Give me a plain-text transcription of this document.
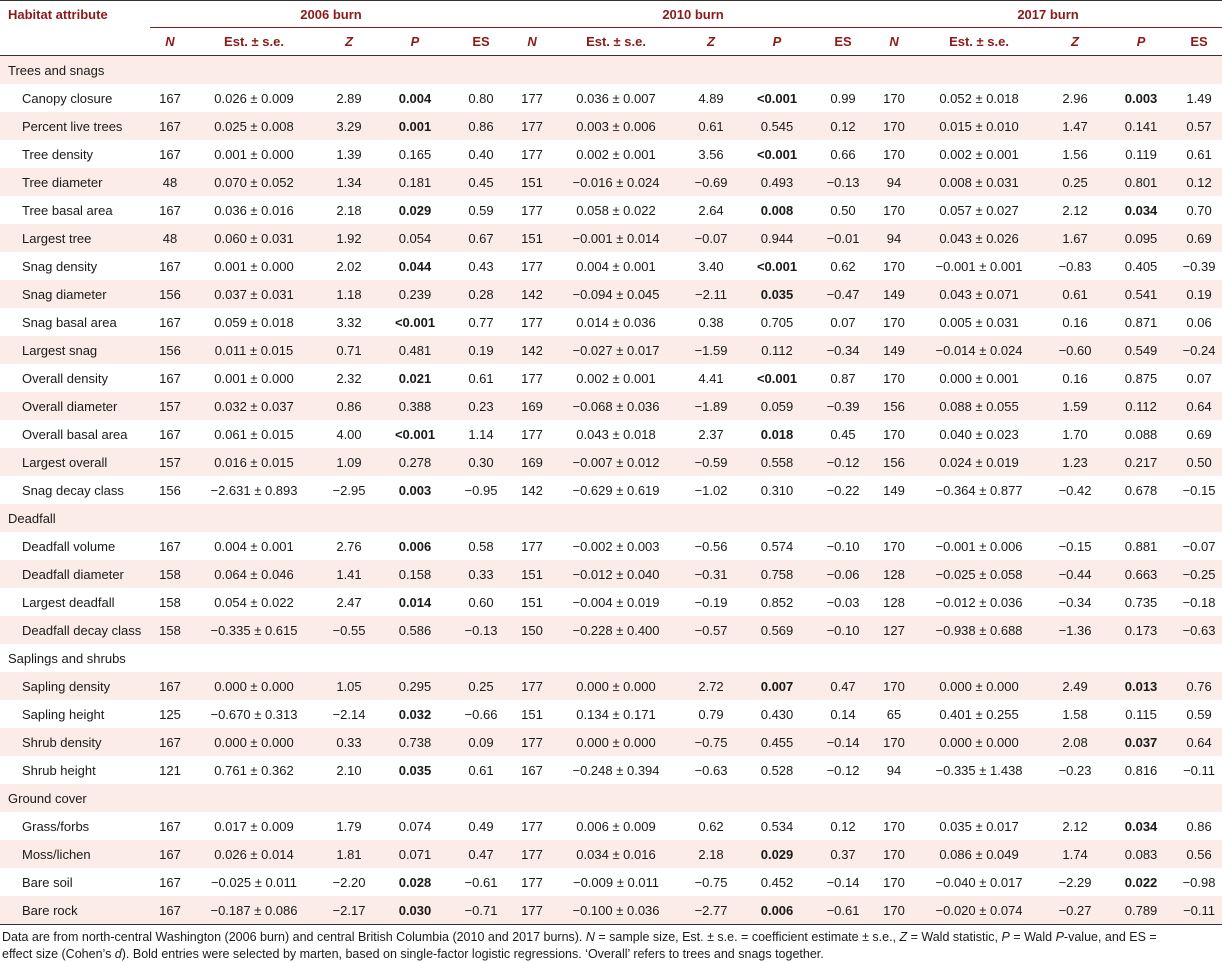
Habitat attribute	2006 burn					2010 burn					2017 burn				
	N	Est. ± s.e.	Z	P	ES	N	Est. ± s.e.	Z	P	ES	N	Est. ± s.e.	Z	P	ES
Trees and snags															
Canopy closure	167	0.026 ± 0.009	2.89	0.004	0.80	177	0.036 ± 0.007	4.89	<0.001	0.99	170	0.052 ± 0.018	2.96	0.003	1.49
Percent live trees	167	0.025 ± 0.008	3.29	0.001	0.86	177	0.003 ± 0.006	0.61	0.545	0.12	170	0.015 ± 0.010	1.47	0.141	0.57
Tree density	167	0.001 ± 0.000	1.39	0.165	0.40	177	0.002 ± 0.001	3.56	<0.001	0.66	170	0.002 ± 0.001	1.56	0.119	0.61
Tree diameter	48	0.070 ± 0.052	1.34	0.181	0.45	151	−0.016 ± 0.024	−0.69	0.493	−0.13	94	0.008 ± 0.031	0.25	0.801	0.12
Tree basal area	167	0.036 ± 0.016	2.18	0.029	0.59	177	0.058 ± 0.022	2.64	0.008	0.50	170	0.057 ± 0.027	2.12	0.034	0.70
Largest tree	48	0.060 ± 0.031	1.92	0.054	0.67	151	−0.001 ± 0.014	−0.07	0.944	−0.01	94	0.043 ± 0.026	1.67	0.095	0.69
Snag density	167	0.001 ± 0.000	2.02	0.044	0.43	177	0.004 ± 0.001	3.40	<0.001	0.62	170	−0.001 ± 0.001	−0.83	0.405	−0.39
Snag diameter	156	0.037 ± 0.031	1.18	0.239	0.28	142	−0.094 ± 0.045	−2.11	0.035	−0.47	149	0.043 ± 0.071	0.61	0.541	0.19
Snag basal area	167	0.059 ± 0.018	3.32	<0.001	0.77	177	0.014 ± 0.036	0.38	0.705	0.07	170	0.005 ± 0.031	0.16	0.871	0.06
Largest snag	156	0.011 ± 0.015	0.71	0.481	0.19	142	−0.027 ± 0.017	−1.59	0.112	−0.34	149	−0.014 ± 0.024	−0.60	0.549	−0.24
Overall density	167	0.001 ± 0.000	2.32	0.021	0.61	177	0.002 ± 0.001	4.41	<0.001	0.87	170	0.000 ± 0.001	0.16	0.875	0.07
Overall diameter	157	0.032 ± 0.037	0.86	0.388	0.23	169	−0.068 ± 0.036	−1.89	0.059	−0.39	156	0.088 ± 0.055	1.59	0.112	0.64
Overall basal area	167	0.061 ± 0.015	4.00	<0.001	1.14	177	0.043 ± 0.018	2.37	0.018	0.45	170	0.040 ± 0.023	1.70	0.088	0.69
Largest overall	157	0.016 ± 0.015	1.09	0.278	0.30	169	−0.007 ± 0.012	−0.59	0.558	−0.12	156	0.024 ± 0.019	1.23	0.217	0.50
Snag decay class	156	−2.631 ± 0.893	−2.95	0.003	−0.95	142	−0.629 ± 0.619	−1.02	0.310	−0.22	149	−0.364 ± 0.877	−0.42	0.678	−0.15
Deadfall															
Deadfall volume	167	0.004 ± 0.001	2.76	0.006	0.58	177	−0.002 ± 0.003	−0.56	0.574	−0.10	170	−0.001 ± 0.006	−0.15	0.881	−0.07
Deadfall diameter	158	0.064 ± 0.046	1.41	0.158	0.33	151	−0.012 ± 0.040	−0.31	0.758	−0.06	128	−0.025 ± 0.058	−0.44	0.663	−0.25
Largest deadfall	158	0.054 ± 0.022	2.47	0.014	0.60	151	−0.004 ± 0.019	−0.19	0.852	−0.03	128	−0.012 ± 0.036	−0.34	0.735	−0.18
Deadfall decay class	158	−0.335 ± 0.615	−0.55	0.586	−0.13	150	−0.228 ± 0.400	−0.57	0.569	−0.10	127	−0.938 ± 0.688	−1.36	0.173	−0.63
Saplings and shrubs															
Sapling density	167	0.000 ± 0.000	1.05	0.295	0.25	177	0.000 ± 0.000	2.72	0.007	0.47	170	0.000 ± 0.000	2.49	0.013	0.76
Sapling height	125	−0.670 ± 0.313	−2.14	0.032	−0.66	151	0.134 ± 0.171	0.79	0.430	0.14	65	0.401 ± 0.255	1.58	0.115	0.59
Shrub density	167	0.000 ± 0.000	0.33	0.738	0.09	177	0.000 ± 0.000	−0.75	0.455	−0.14	170	0.000 ± 0.000	2.08	0.037	0.64
Shrub height	121	0.761 ± 0.362	2.10	0.035	0.61	167	−0.248 ± 0.394	−0.63	0.528	−0.12	94	−0.335 ± 1.438	−0.23	0.816	−0.11
Ground cover															
Grass/forbs	167	0.017 ± 0.009	1.79	0.074	0.49	177	0.006 ± 0.009	0.62	0.534	0.12	170	0.035 ± 0.017	2.12	0.034	0.86
Moss/lichen	167	0.026 ± 0.014	1.81	0.071	0.47	177	0.034 ± 0.016	2.18	0.029	0.37	170	0.086 ± 0.049	1.74	0.083	0.56
Bare soil	167	−0.025 ± 0.011	−2.20	0.028	−0.61	177	−0.009 ± 0.011	−0.75	0.452	−0.14	170	−0.040 ± 0.017	−2.29	0.022	−0.98
Bare rock	167	−0.187 ± 0.086	−2.17	0.030	−0.71	177	−0.100 ± 0.036	−2.77	0.006	−0.61	170	−0.020 ± 0.074	−0.27	0.789	−0.11
Data are from north-central Washington (2006 burn) and central British Columbia (2010 and 2017 burns). N = sample size, Est. ± s.e. = coefficient estimate ± s.e., Z = Wald statistic, P = Wald P-value, and ES = effect size (Cohen’s d). Bold entries were selected by marten, based on single-factor logistic regressions. ‘Overall’ refers to trees and snags together.
